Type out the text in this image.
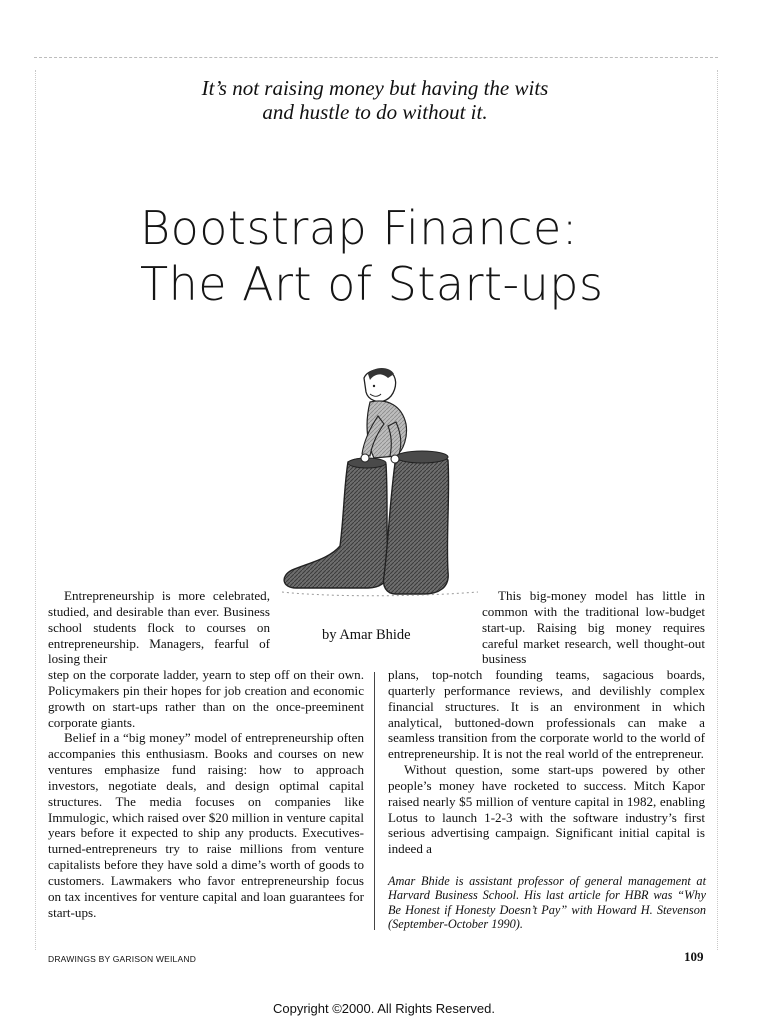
It’s not raising money but having the wits
and hustle to do without it.
Bootstrap Finance:
The Art of Start-ups

Entrepreneurship is more celebrated, studied, and desirable than ever. Business school students flock to courses on entrepreneurship. Managers, fearful of losing their

step on the corporate ladder, yearn to step off on their own. Policymakers pin their hopes for job creation and economic growth on start-ups rather than on the once-preeminent corporate giants.

Belief in a “big money” model of entrepreneurship often accompanies this enthusiasm. Books and courses on new ventures emphasize fund raising: how to approach investors, negotiate deals, and design optimal capital structures. The media focuses on companies like Immulogic, which raised over $20 million in venture capital years before it expected to ship any products. Executives-turned-entrepreneurs try to raise millions from venture capitalists before they have sold a dime’s worth of goods to customers. Lawmakers who favor entrepreneurship focus on tax incentives for venture capital and loan guarantees for start-ups.

by Amar Bhide

This big-money model has little in common with the traditional low-budget start-up. Raising big money requires careful market research, well thought-out business

plans, top-notch founding teams, sagacious boards, quarterly performance reviews, and devilishly complex financial structures. It is an environment in which analytical, buttoned-down professionals can make a seamless transition from the corporate world to the world of entrepreneurship. It is not the real world of the entrepreneur.

Without question, some start-ups powered by other people’s money have rocketed to success. Mitch Kapor raised nearly $5 million of venture capital in 1982, enabling Lotus to launch 1-2-3 with the software industry’s first serious advertising campaign. Significant initial capital is indeed a

Amar Bhide is assistant professor of general management at Harvard Business School. His last article for HBR was “Why Be Honest if Honesty Doesn’t Pay” with Howard H. Stevenson (September-October 1990).
DRAWINGS BY GARISON WEILAND	109
Copyright ©2000. All Rights Reserved.
